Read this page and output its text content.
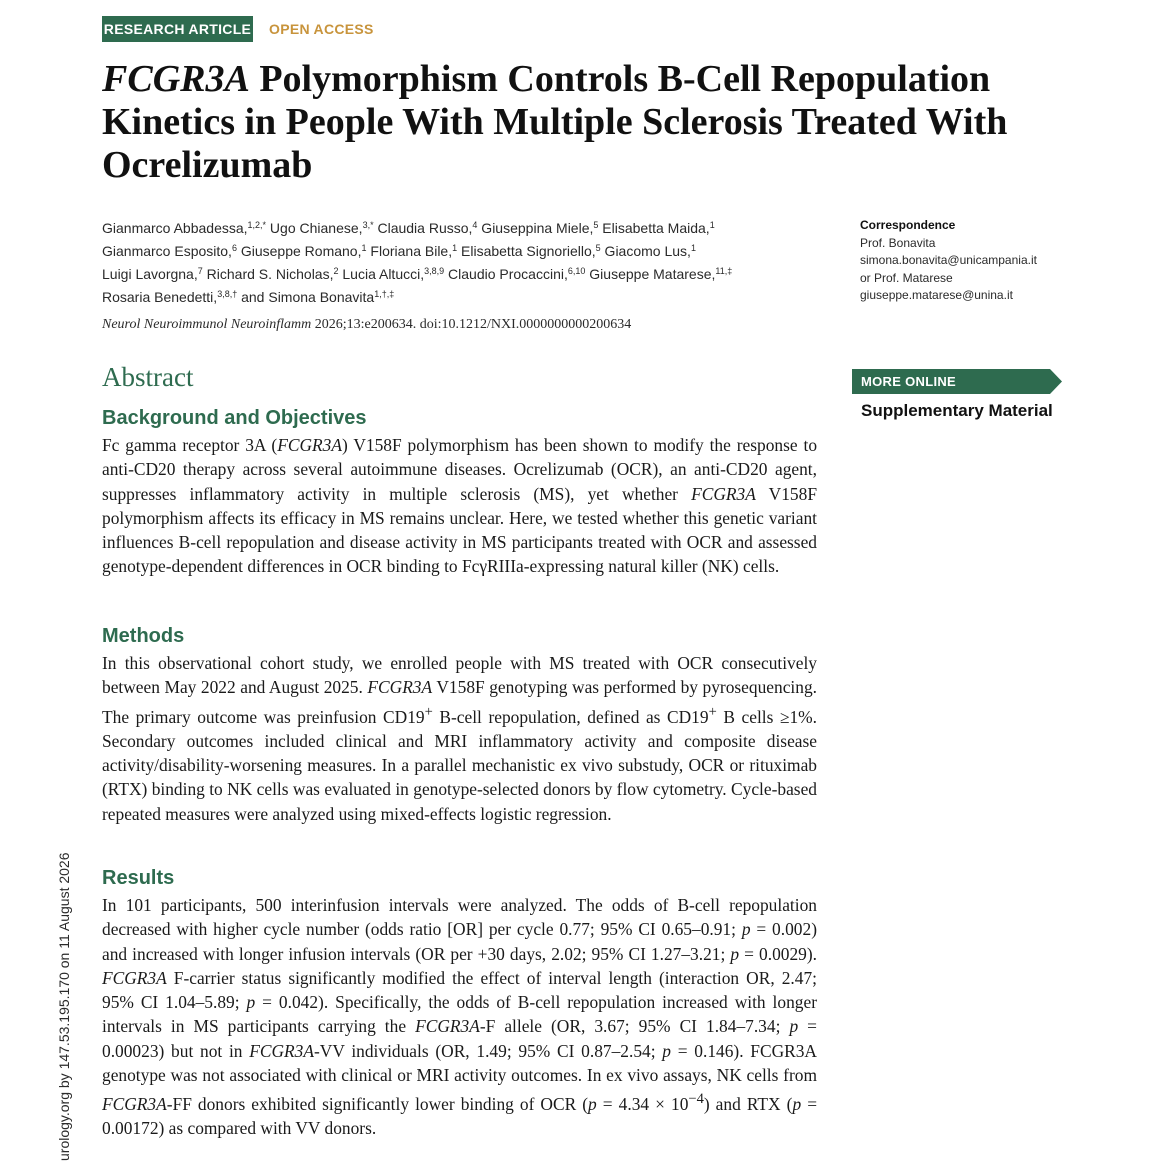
RESEARCH ARTICLE OPEN ACCESS
FCGR3A Polymorphism Controls B-Cell Repopulation
Kinetics in People With Multiple Sclerosis Treated With
Ocrelizumab
Gianmarco Abbadessa,$^{1,2,*}$ Ugo Chianese,$^{3,*}$ Claudia Russo,$^4$ Giuseppina Miele,$^5$ Elisabetta Maida,$^1$
Gianmarco Esposito,$^6$ Giuseppe Romano,$^1$ Floriana Bile,$^1$ Elisabetta Signoriello,$^5$ Giacomo Lus,$^1$
Luigi Lavorgna,$^7$ Richard S. Nicholas,$^2$ Lucia Altucci,$^{3,8,9}$ Claudio Procaccini,$^{6,10}$ Giuseppe Matarese,$^{11,\ddagger}$
Rosaria Benedetti,$^{3,8,\dagger}$ and Simona Bonavita$^{1,\dagger,\ddagger}$
Neurol Neuroimmunol Neuroinflamm 2026;13:e200634. doi:10.1212/NXI.0000000000200634
Correspondence
Prof. Bonavita
simona.bonavita@unicampania.it
or Prof. Matarese
giuseppe.matarese@unina.it
MORE ONLINE
Supplementary Material
Abstract
Background and Objectives

Fc gamma receptor 3A (FCGR3A) V158F polymorphism has been shown to modify the response to anti-CD20 therapy across several autoimmune diseases. Ocrelizumab (OCR), an anti-CD20 agent, suppresses inflammatory activity in multiple sclerosis (MS), yet whether FCGR3A V158F polymorphism affects its efficacy in MS remains unclear. Here, we tested whether this genetic variant influences B-cell repopulation and disease activity in MS participants treated with OCR and assessed genotype-dependent differences in OCR binding to FcγRIIIa-expressing natural killer (NK) cells.

Methods

In this observational cohort study, we enrolled people with MS treated with OCR consecutively between May 2022 and August 2025. FCGR3A V158F genotyping was performed by pyrosequencing. The primary outcome was preinfusion CD19+ B-cell repopulation, defined as CD19+ B cells ≥1%. Secondary outcomes included clinical and MRI inflammatory activity and composite disease activity/disability-worsening measures. In a parallel mechanistic ex vivo substudy, OCR or rituximab (RTX) binding to NK cells was evaluated in genotype-selected donors by flow cytometry. Cycle-based repeated measures were analyzed using mixed-effects logistic regression.

Results

In 101 participants, 500 interinfusion intervals were analyzed. The odds of B-cell repopulation decreased with higher cycle number (odds ratio [OR] per cycle 0.77; 95% CI 0.65–0.91; p = 0.002) and increased with longer infusion intervals (OR per +30 days, 2.02; 95% CI 1.27–3.21; p = 0.0029). FCGR3A F-carrier status significantly modified the effect of interval length (interaction OR, 2.47; 95% CI 1.04–5.89; p = 0.042). Specifically, the odds of B-cell repopulation increased with longer intervals in MS participants carrying the FCGR3A-F allele (OR, 3.67; 95% CI 1.84–7.34; p = 0.00023) but not in FCGR3A-VV individuals (OR, 1.49; 95% CI 0.87–2.54; p = 0.146). FCGR3A genotype was not associated with clinical or MRI activity outcomes. In ex vivo assays, NK cells from FCGR3A-FF donors exhibited significantly lower binding of OCR $(p = 4.34 \times 10^{-4})$ and RTX (p = 0.00172) as compared with VV donors.

urology.org by 147.53.195.170 on 11 August 2026
